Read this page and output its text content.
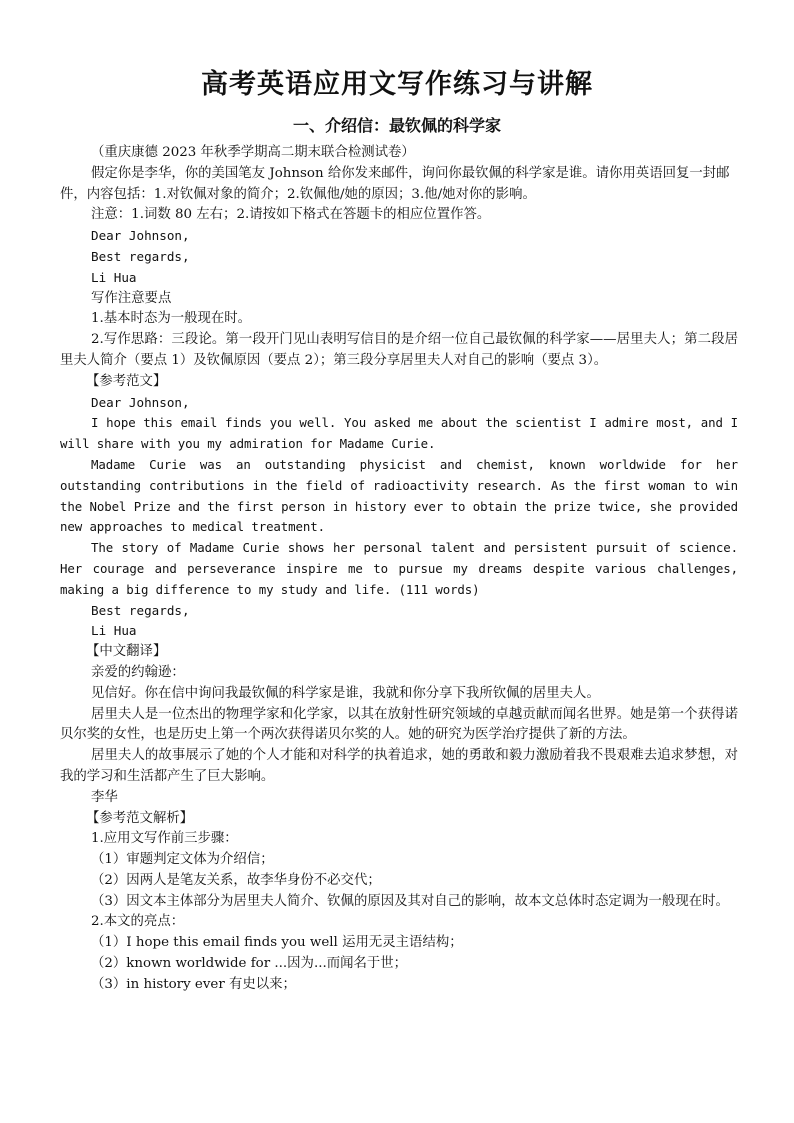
高考英语应用文写作练习与讲解
一、介绍信：最钦佩的科学家

（重庆康德 2023 年秋季学期高二期末联合检测试卷）

假定你是李华，你的美国笔友 Johnson 给你发来邮件，询问你最钦佩的科学家是谁。请你用英语回复一封邮件，内容包括：1.对钦佩对象的简介；2.钦佩他/她的原因；3.他/她对你的影响。

注意：1.词数 80 左右；2.请按如下格式在答题卡的相应位置作答。

Dear Johnson,

Best regards,

Li Hua

写作注意要点

1.基本时态为一般现在时。

2.写作思路：三段论。第一段开门见山表明写信目的是介绍一位自己最钦佩的科学家——居里夫人；第二段居里夫人简介（要点 1）及钦佩原因（要点 2）；第三段分享居里夫人对自己的影响（要点 3）。

【参考范文】

Dear Johnson,

I hope this email finds you well. You asked me about the scientist I admire most, and I will share with you my admiration for Madame Curie.

Madame Curie was an outstanding physicist and chemist, known worldwide for her outstanding contributions in the field of radioactivity research. As the first woman to win the Nobel Prize and the first person in history ever to obtain the prize twice, she provided new approaches to medical treatment.

The story of Madame Curie shows her personal talent and persistent pursuit of science. Her courage and perseverance inspire me to pursue my dreams despite various challenges, making a big difference to my study and life. (111 words)

Best regards,

Li Hua

【中文翻译】

亲爱的约翰逊：

见信好。你在信中询问我最钦佩的科学家是谁，我就和你分享下我所钦佩的居里夫人。

居里夫人是一位杰出的物理学家和化学家，以其在放射性研究领域的卓越贡献而闻名世界。她是第一个获得诺贝尔奖的女性，也是历史上第一个两次获得诺贝尔奖的人。她的研究为医学治疗提供了新的方法。

居里夫人的故事展示了她的个人才能和对科学的执着追求，她的勇敢和毅力激励着我不畏艰难去追求梦想，对我的学习和生活都产生了巨大影响。

李华

【参考范文解析】

1.应用文写作前三步骤：

（1）审题判定文体为介绍信；

（2）因两人是笔友关系，故李华身份不必交代；

（3）因文本主体部分为居里夫人简介、钦佩的原因及其对自己的影响，故本文总体时态定调为一般现在时。

2.本文的亮点：

（1）I hope this email finds you well 运用无灵主语结构；

（2）known worldwide for ...因为...而闻名于世；

（3）in history ever 有史以来；
